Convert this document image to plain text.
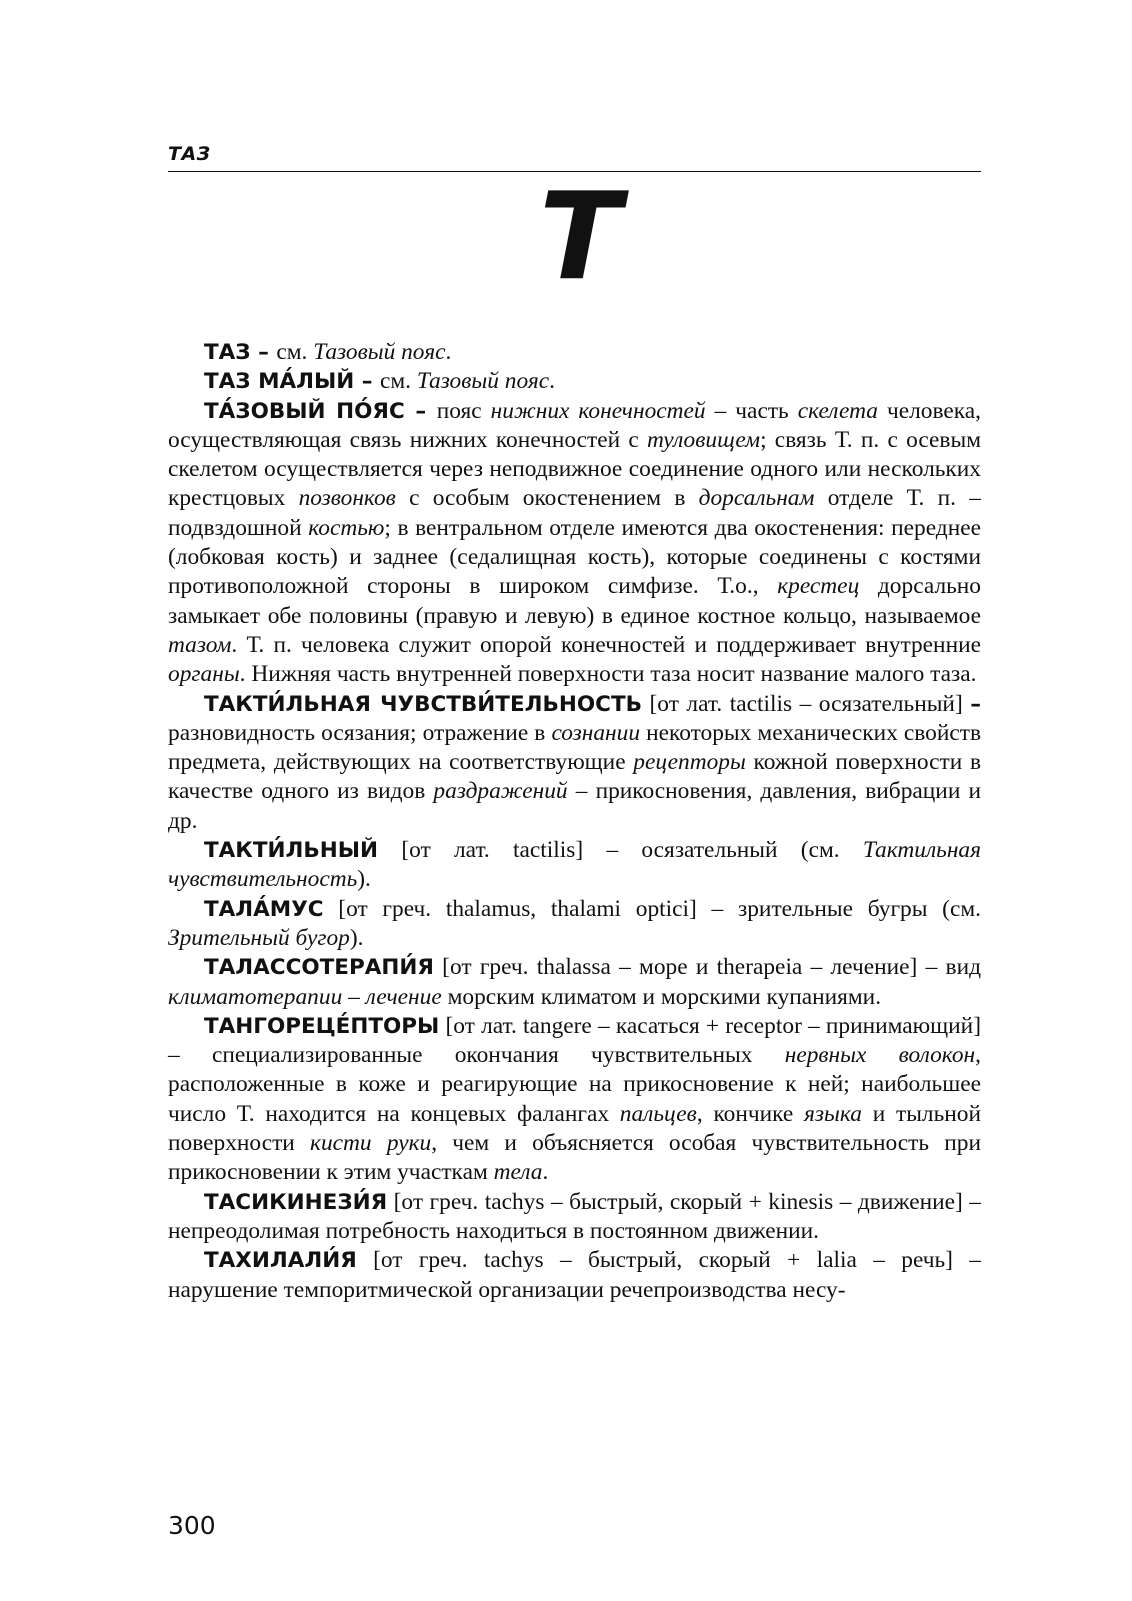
ТАЗ
Т

ТАЗ – см. Тазовый пояс.

ТАЗ МА́ЛЫЙ – см. Тазовый пояс.

ТА́ЗОВЫЙ ПО́ЯС – пояс нижних конечностей – часть скелета человека, осуществляющая связь нижних конечностей с туловищем; связь Т. п. с осевым скелетом осуществляется через неподвижное соединение одного или нескольких крестцовых позвонков с особым окостенением в дорсальнам отделе Т. п. – подвздошной костью; в вентральном отделе имеются два окостенения: переднее (лобковая кость) и заднее (седалищная кость), которые соединены с костями противоположной стороны в широком симфизе. Т.о., крестец дорсально замыкает обе половины (правую и левую) в единое костное кольцо, называемое тазом. Т. п. человека служит опорой конечностей и поддерживает внутренние органы. Нижняя часть внутренней поверхности таза носит название малого таза.

ТАКТИ́ЛЬНАЯ ЧУВСТВИ́ТЕЛЬНОСТЬ [от лат. tactilis – осязательный] – разновидность осязания; отражение в сознании некоторых механических свойств предмета, действующих на соответствующие рецепторы кожной поверхности в качестве одного из видов раздражений – прикосновения, давления, вибрации и др.

ТАКТИ́ЛЬНЫЙ [от лат. tactilis] – осязательный (см. Тактильная чувствительность).

ТАЛА́МУС [от греч. thalamus, thalami optici] – зрительные бугры (см. Зрительный бугор).

ТАЛАССОТЕРАПИ́Я [от греч. thalassa – море и therapeia – лечение] – вид климатотерапии – лечение морским климатом и морскими купаниями.

ТАНГОРЕЦЕ́ПТОРЫ [от лат. tangere – касаться + receptor – принимающий] – специализированные окончания чувствительных нервных волокон, расположенные в коже и реагирующие на прикосновение к ней; наибольшее число Т. находится на концевых фалангах пальцев, кончике языка и тыльной поверхности кисти руки, чем и объясняется особая чувствительность при прикосновении к этим участкам тела.

ТАСИКИНЕЗИ́Я [от греч. tachys – быстрый, скорый + kinesis – движение] – непреодолимая потребность находиться в постоянном движении.

ТАХИЛАЛИ́Я [от греч. tachys – быстрый, скорый + lalia – речь] – нарушение темпоритмической организации речепроизводства несу-

300
